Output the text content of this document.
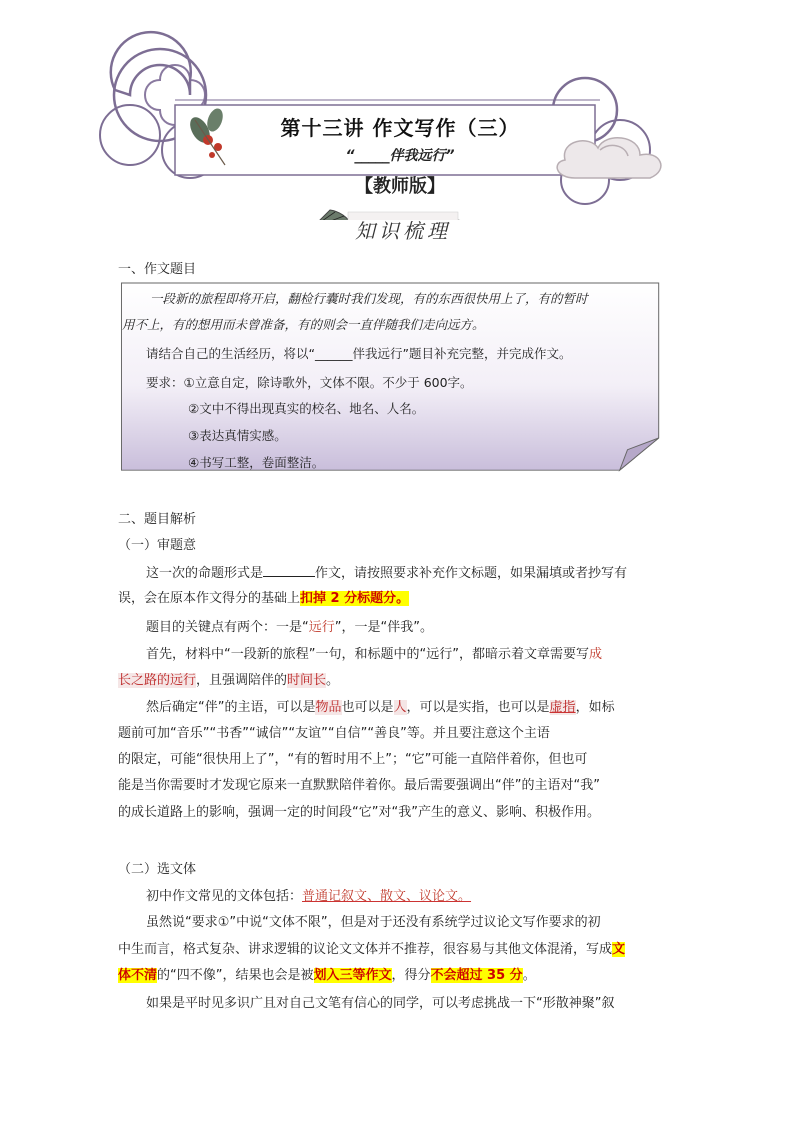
第十三讲 作文写作（三）
“_____伴我远行”
【教师版】
知识梳理
一、作文题目
一段新的旅程即将开启，翻检行囊时我们发现，有的东西很快用上了，有的暂时
用不上，有的想用而未曾准备，有的则会一直伴随我们走向远方。
请结合自己的生活经历，将以“______伴我远行”题目补充完整，并完成作文。
要求：①立意自定，除诗歌外，文体不限。不少于 600字。
②文中不得出现真实的校名、地名、人名。
③表达真情实感。
④书写工整，卷面整洁。
二、题目解析
（一）审题意
这一次的命题形式是	作文，请按照要求补充作文标题，如果漏填或者抄写有
误，会在原本作文得分的基础上扣掉 2 分标题分。
题目的关键点有两个：一是“远行”，一是“伴我”。
首先，材料中“一段新的旅程”一句，和标题中的“远行”，都暗示着文章需要写成
长之路的远行，且强调陪伴的时间长。
然后确定“伴”的主语，可以是物品也可以是人，可以是实指，也可以是虚指，如标
题前可加“音乐”“书香”“诚信”“友谊”“自信”“善良”等。并且要注意这个主语
的限定，可能“很快用上了”，“有的暂时用不上”；“它”可能一直陪伴着你，但也可
能是当你需要时才发现它原来一直默默陪伴着你。最后需要强调出“伴”的主语对“我”
的成长道路上的影响，强调一定的时间段“它”对“我”产生的意义、影响、积极作用。
（二）选文体
初中作文常见的文体包括：普通记叙文、散文、议论文。
虽然说“要求①”中说“文体不限”，但是对于还没有系统学过议论文写作要求的初
中生而言，格式复杂、讲求逻辑的议论文文体并不推荐，很容易与其他文体混淆，写成文
体不清的“四不像”，结果也会是被划入三等作文，得分不会超过 35 分。
如果是平时见多识广且对自己文笔有信心的同学，可以考虑挑战一下“形散神聚”叙
